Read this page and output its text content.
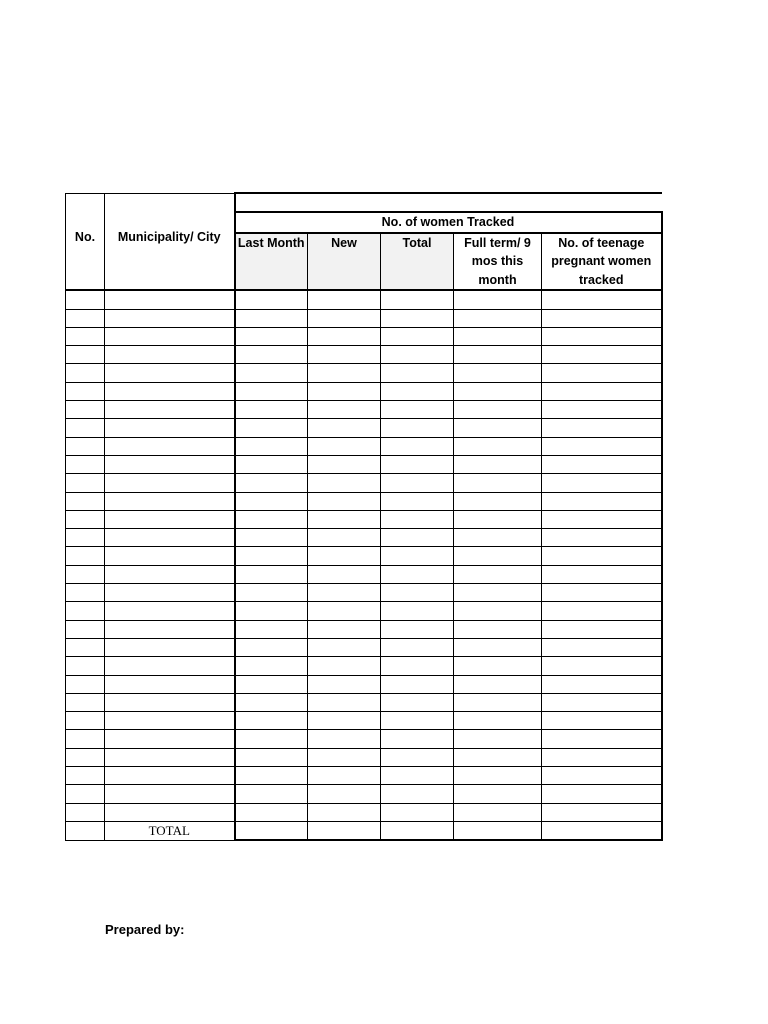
No.	Municipality/ City					
		No. of women Tracked				
		Last Month	New	Total	Full term/ 9 mos this month	No. of teenage pregnant women tracked

	TOTAL					
Prepared by:
